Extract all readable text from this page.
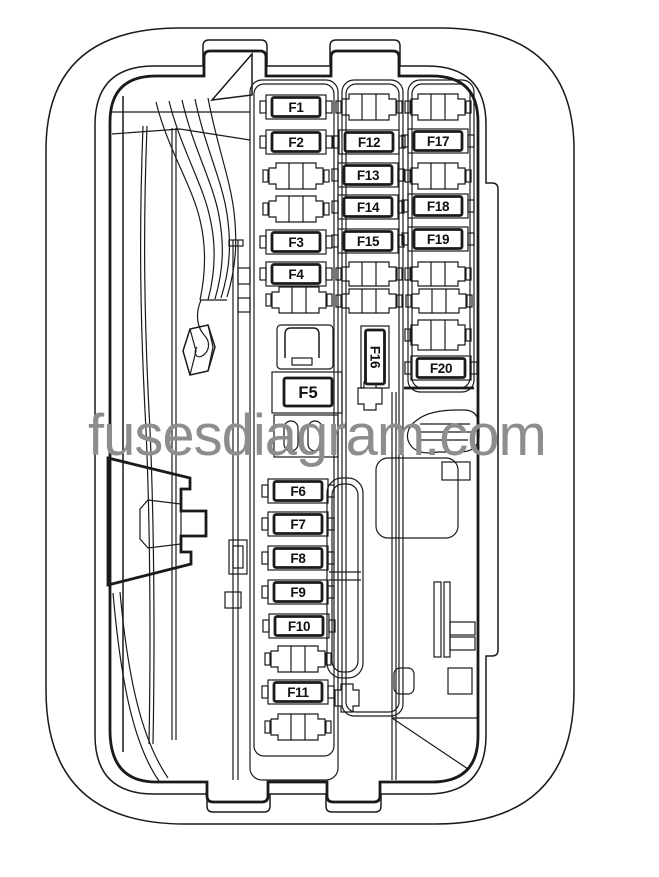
F1
F2
F3
F4
F5
F6
F7
F8
F9
F10
F11
F12
F13
F14
F15
F16
F17
F18
F19
F20
fusesdiagram.com
